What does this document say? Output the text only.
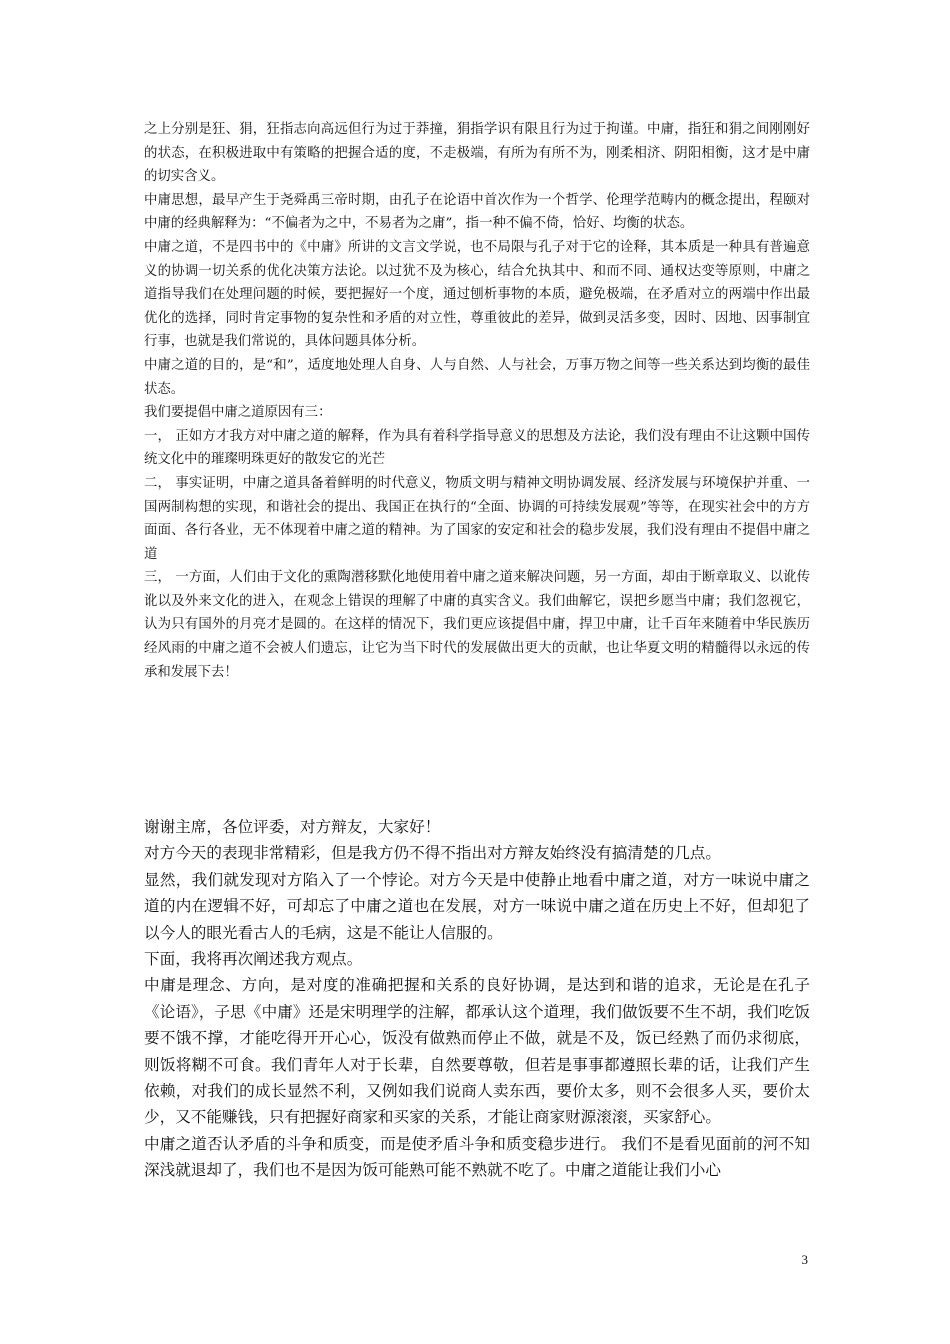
之上分别是狂、狷，狂指志向高远但行为过于莽撞，狷指学识有限且行为过于拘谨。中庸，指狂和狷之间刚刚好的状态，在积极进取中有策略的把握合适的度，不走极端，有所为有所不为，刚柔相济、阴阳相衡，这才是中庸的切实含义。

中庸思想，最早产生于尧舜禹三帝时期，由孔子在论语中首次作为一个哲学、伦理学范畴内的概念提出，程颐对中庸的经典解释为：“不偏者为之中，不易者为之庸”，指一种不偏不倚，恰好、均衡的状态。

中庸之道，不是四书中的《中庸》所讲的文言文学说，也不局限与孔子对于它的诠释，其本质是一种具有普遍意义的协调一切关系的优化决策方法论。以过犹不及为核心，结合允执其中、和而不同、通权达变等原则，中庸之道指导我们在处理问题的时候，要把握好一个度，通过刨析事物的本质，避免极端，在矛盾对立的两端中作出最优化的选择，同时肯定事物的复杂性和矛盾的对立性，尊重彼此的差异，做到灵活多变，因时、因地、因事制宜行事，也就是我们常说的，具体问题具体分析。

中庸之道的目的，是“和”，适度地处理人自身、人与自然、人与社会，万事万物之间等一些关系达到均衡的最佳状态。

我们要提倡中庸之道原因有三：

一， 正如方才我方对中庸之道的解释，作为具有着科学指导意义的思想及方法论，我们没有理由不让这颗中国传统文化中的璀璨明珠更好的散发它的光芒

二， 事实证明，中庸之道具备着鲜明的时代意义，物质文明与精神文明协调发展、经济发展与环境保护并重、一国两制构想的实现，和谐社会的提出、我国正在执行的“全面、协调的可持续发展观”等等，在现实社会中的方方面面、各行各业，无不体现着中庸之道的精神。为了国家的安定和社会的稳步发展，我们没有理由不提倡中庸之道

三， 一方面，人们由于文化的熏陶潜移默化地使用着中庸之道来解决问题，另一方面，却由于断章取义、以讹传讹以及外来文化的进入，在观念上错误的理解了中庸的真实含义。我们曲解它，误把乡愿当中庸；我们忽视它，认为只有国外的月亮才是圆的。在这样的情况下，我们更应该提倡中庸，捍卫中庸，让千百年来随着中华民族历经风雨的中庸之道不会被人们遗忘，让它为当下时代的发展做出更大的贡献，也让华夏文明的精髓得以永远的传承和发展下去！

谢谢主席，各位评委，对方辩友，大家好！

对方今天的表现非常精彩，但是我方仍不得不指出对方辩友始终没有搞清楚的几点。

显然，我们就发现对方陷入了一个悖论。对方今天是中使静止地看中庸之道，对方一味说中庸之道的内在逻辑不好，可却忘了中庸之道也在发展，对方一味说中庸之道在历史上不好，但却犯了以今人的眼光看古人的毛病，这是不能让人信服的。

下面，我将再次阐述我方观点。

中庸是理念、方向，是对度的准确把握和关系的良好协调，是达到和谐的追求，无论是在孔子《论语》，子思《中庸》还是宋明理学的注解，都承认这个道理，我们做饭要不生不胡，我们吃饭要不饿不撑，才能吃得开开心心，饭没有做熟而停止不做，就是不及，饭已经熟了而仍求彻底，则饭将糊不可食。我们青年人对于长辈，自然要尊敬，但若是事事都遵照长辈的话，让我们产生依赖，对我们的成长显然不利，又例如我们说商人卖东西，要价太多，则不会很多人买，要价太少，又不能赚钱，只有把握好商家和买家的关系，才能让商家财源滚滚，买家舒心。

中庸之道否认矛盾的斗争和质变，而是使矛盾斗争和质变稳步进行。 我们不是看见面前的河不知深浅就退却了，我们也不是因为饭可能熟可能不熟就不吃了。中庸之道能让我们小心

3
